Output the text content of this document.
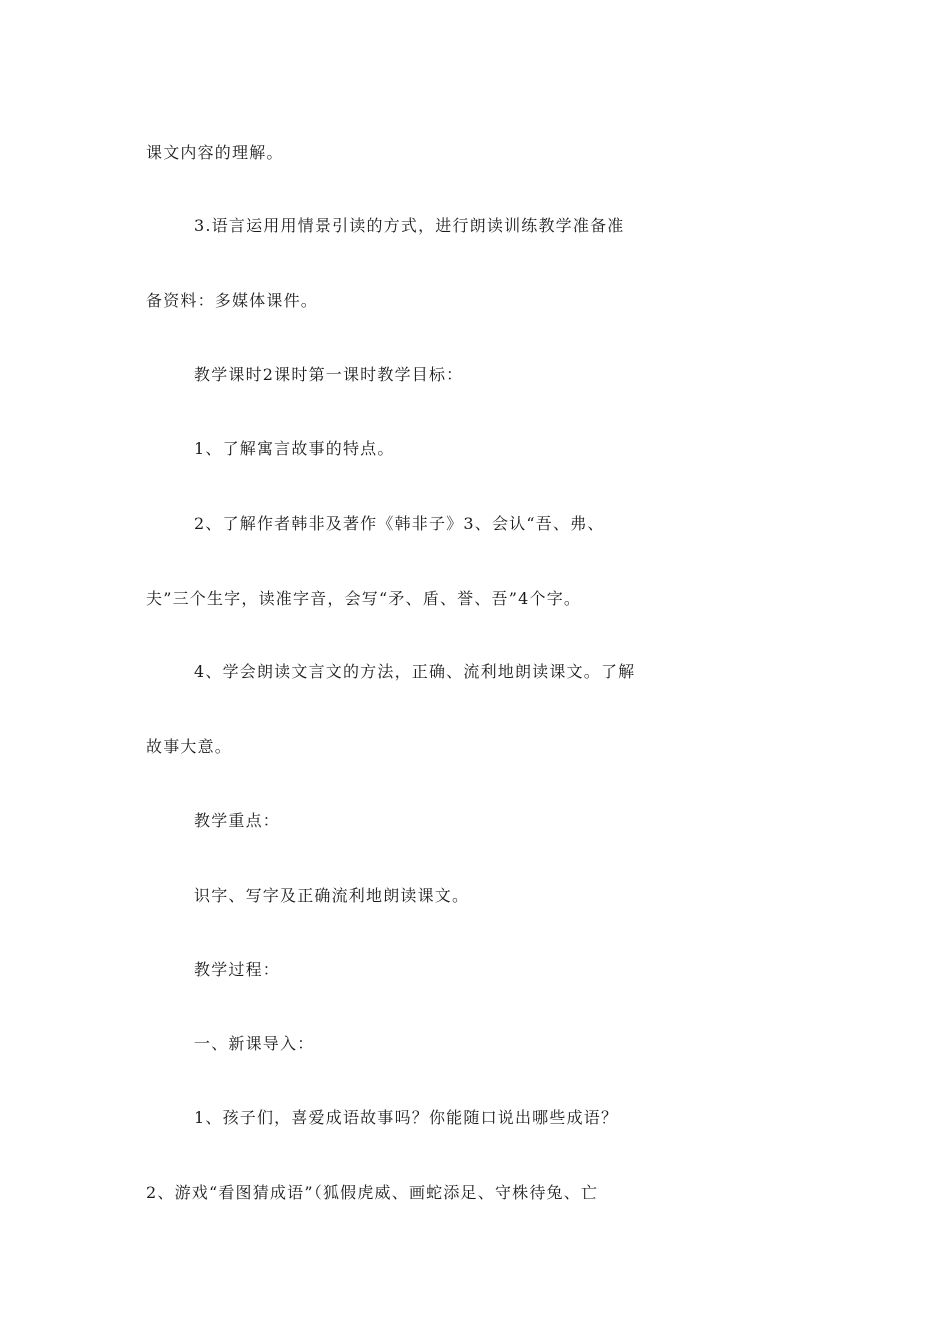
课文内容的理解。
3.语言运用用情景引读的方式，进行朗读训练教学准备准
备资料：多媒体课件。
教学课时2课时第一课时教学目标：
1、了解寓言故事的特点。
2、了解作者韩非及著作《韩非子》3、会认“吾、弗、
夫”三个生字，读准字音，会写“矛、盾、誉、吾”4个字。
4、学会朗读文言文的方法，正确、流利地朗读课文。了解
故事大意。
教学重点：
识字、写字及正确流利地朗读课文。
教学过程：
一、新课导入：
1、孩子们，喜爱成语故事吗？你能随口说出哪些成语？
2、游戏“看图猜成语”（狐假虎威、画蛇添足、守株待兔、亡
